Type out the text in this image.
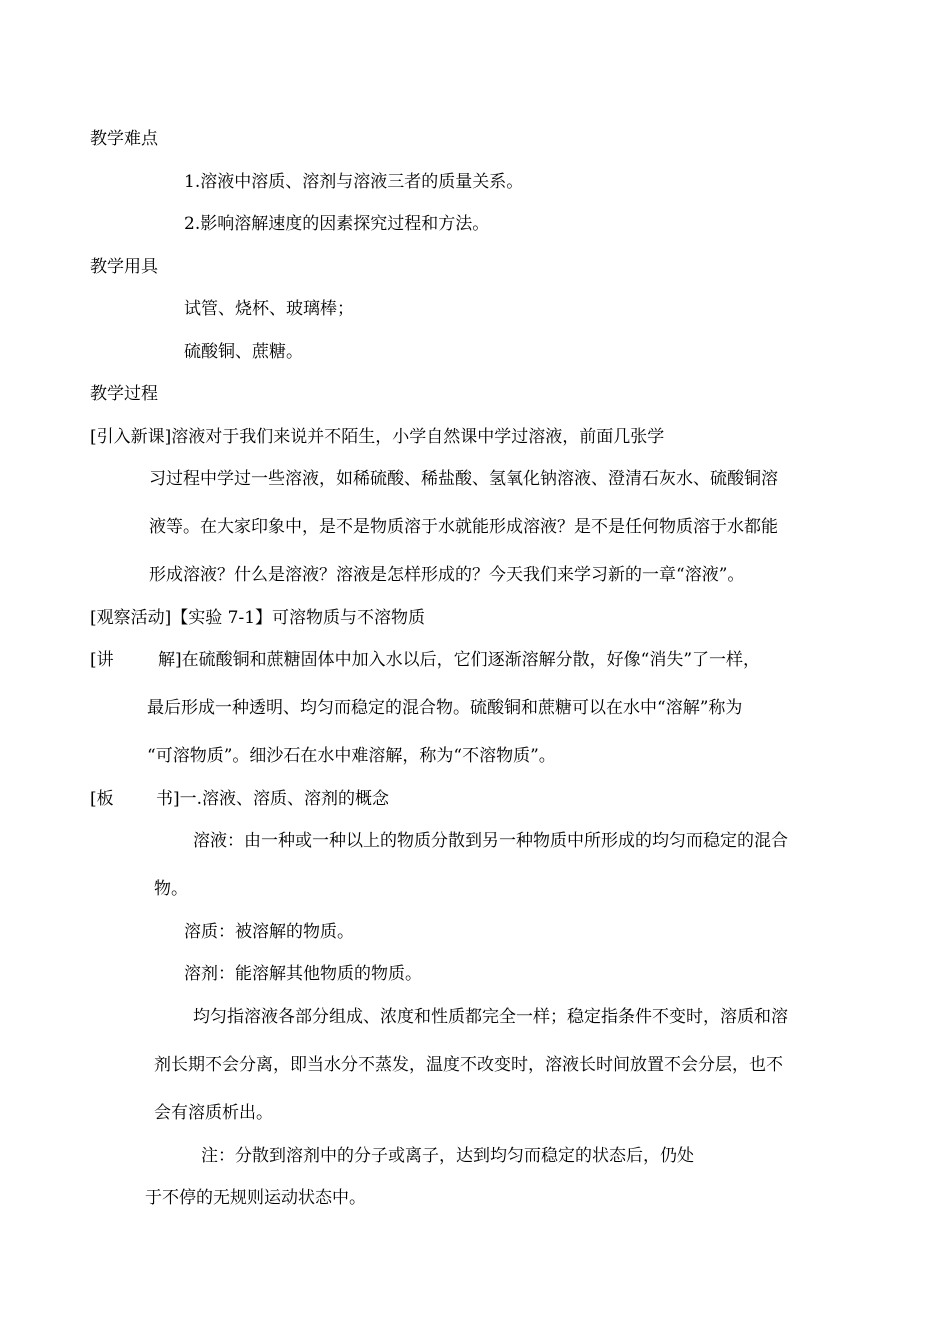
教学难点
1.溶液中溶质、溶剂与溶液三者的质量关系。
2.影响溶解速度的因素探究过程和方法。
教学用具
试管、烧杯、玻璃棒；
硫酸铜、蔗糖。
教学过程
[引入新课]溶液对于我们来说并不陌生，小学自然课中学过溶液，前面几张学
习过程中学过一些溶液，如稀硫酸、稀盐酸、氢氧化钠溶液、澄清石灰水、硫酸铜溶
液等。在大家印象中，是不是物质溶于水就能形成溶液？是不是任何物质溶于水都能
形成溶液？什么是溶液？溶液是怎样形成的？今天我们来学习新的一章“溶液”。
[观察活动]【实验 7-1】可溶物质与不溶物质
[讲	解]在硫酸铜和蔗糖固体中加入水以后，它们逐渐溶解分散，好像“消失”了一样，
最后形成一种透明、均匀而稳定的混合物。硫酸铜和蔗糖可以在水中“溶解”称为
“可溶物质”。细沙石在水中难溶解，称为“不溶物质”。
[板 书]一.溶液、溶质、溶剂的概念
溶液：由一种或一种以上的物质分散到另一种物质中所形成的均匀而稳定的混合
物。
溶质：被溶解的物质。
溶剂：能溶解其他物质的物质。
均匀指溶液各部分组成、浓度和性质都完全一样；稳定指条件不变时，溶质和溶
剂长期不会分离，即当水分不蒸发，温度不改变时，溶液长时间放置不会分层，也不
会有溶质析出。
注：分散到溶剂中的分子或离子，达到均匀而稳定的状态后，仍处
于不停的无规则运动状态中。
